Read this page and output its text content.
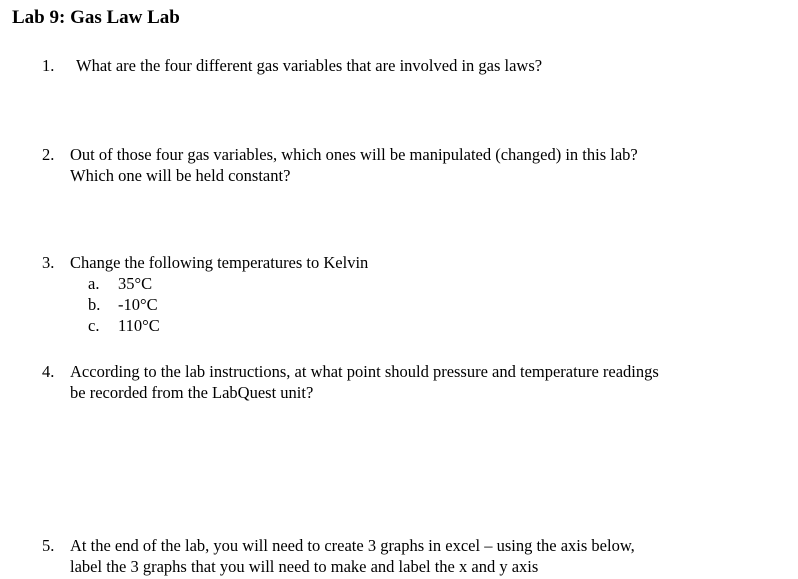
Lab 9: Gas Law Lab
1.	What are the four different gas variables that are involved in gas laws?
2. Out of those four gas variables, which ones will be manipulated (changed) in this lab?
Which one will be held constant?
3. Change the following temperatures to Kelvin
a. 35°C
b. -10°C
c. 110°C
4. According to the lab instructions, at what point should pressure and temperature readings
be recorded from the LabQuest unit?
5. At the end of the lab, you will need to create 3 graphs in excel – using the axis below,
label the 3 graphs that you will need to make and label the x and y axis
